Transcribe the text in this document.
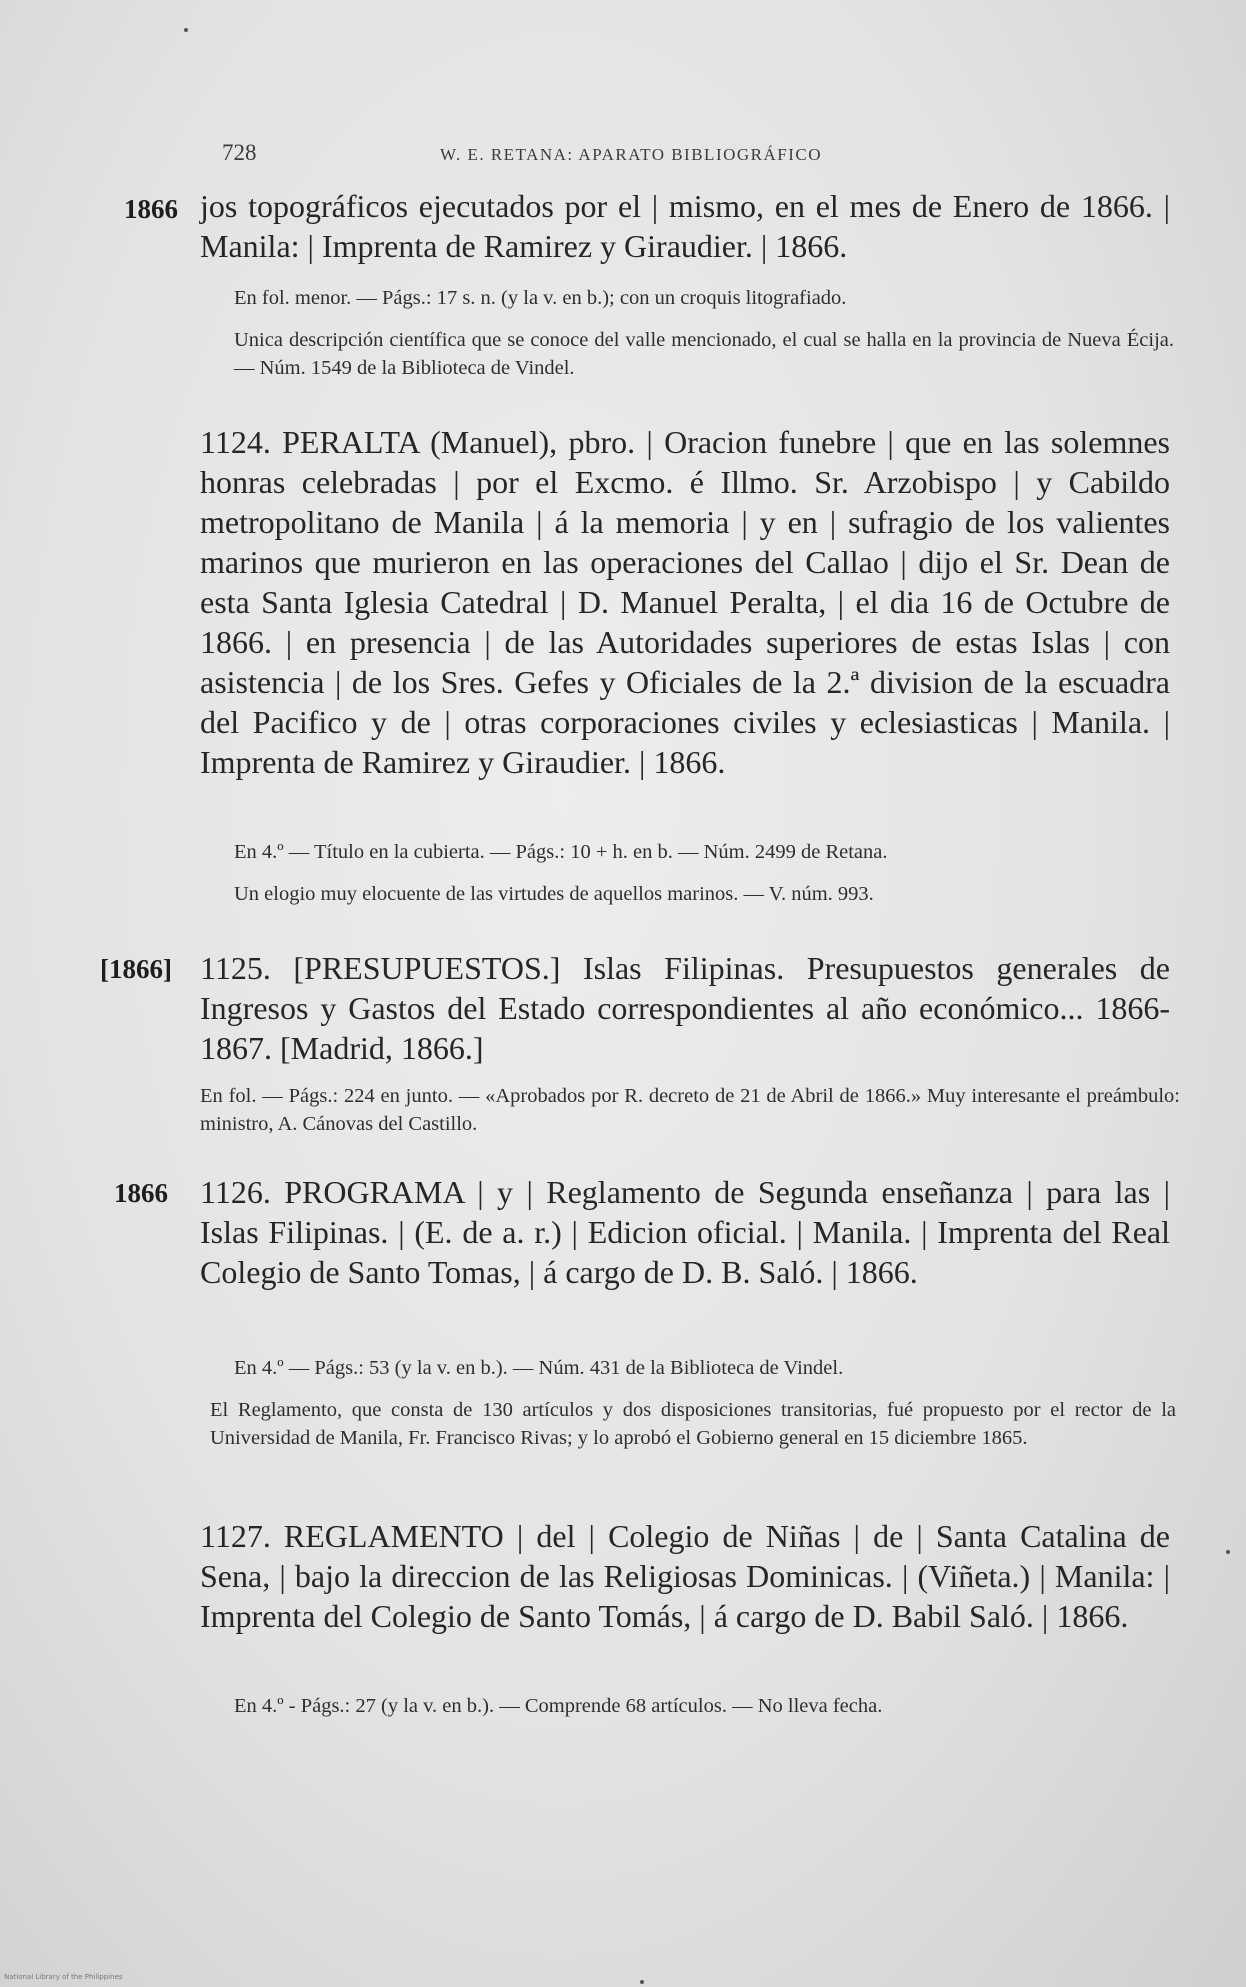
728	W. E. RETANA: APARATO BIBLIOGRÁFICO
1866 jos topográficos ejecutados por el | mismo, en el mes de Enero de 1866. | Manila: | Imprenta de Ramirez y Giraudier. | 1866.
En fol. menor. — Págs.: 17 s. n. (y la v. en b.); con un croquis litografiado.
Unica descripción científica que se conoce del valle mencionado, el cual se halla en la provincia de Nueva Écija. — Núm. 1549 de la Biblioteca de Vindel.
1124. PERALTA (Manuel), pbro. | Oracion funebre | que en las solemnes honras celebradas | por el Excmo. é Illmo. Sr. Arzobispo | y Cabildo metropolitano de Manila | á la memoria | y en | sufragio de los valientes marinos que murieron en las operaciones del Callao | dijo el Sr. Dean de esta Santa Iglesia Catedral | D. Manuel Peralta, | el dia 16 de Octubre de 1866. | en presencia | de las Autoridades superiores de estas Islas | con asistencia | de los Sres. Gefes y Oficiales de la 2.ª division de la escuadra del Pacifico y de | otras corporaciones civiles y eclesiasticas | Manila. | Imprenta de Ramirez y Giraudier. | 1866.
En 4.º — Título en la cubierta. — Págs.: 10 + h. en b. — Núm. 2499 de Retana.
Un elogio muy elocuente de las virtudes de aquellos marinos. — V. núm. 993.
[1866] 1125. [PRESUPUESTOS.] Islas Filipinas. Presupuestos generales de Ingresos y Gastos del Estado correspondientes al año económico... 1866-1867. [Madrid, 1866.]
En fol. — Págs.: 224 en junto. — «Aprobados por R. decreto de 21 de Abril de 1866.» Muy interesante el preámbulo: ministro, A. Cánovas del Castillo.
1866 1126. PROGRAMA | y | Reglamento de Segunda enseñanza | para las | Islas Filipinas. | (E. de a. r.) | Edicion oficial. | Manila. | Imprenta del Real Colegio de Santo Tomas, | á cargo de D. B. Saló. | 1866.
En 4.º — Págs.: 53 (y la v. en b.). — Núm. 431 de la Biblioteca de Vindel.
El Reglamento, que consta de 130 artículos y dos disposiciones transitorias, fué propuesto por el rector de la Universidad de Manila, Fr. Francisco Rivas; y lo aprobó el Gobierno general en 15 diciembre 1865.
1127. REGLAMENTO | del | Colegio de Niñas | de | Santa Catalina de Sena, | bajo la direccion de las Religiosas Dominicas. | (Viñeta.) | Manila: | Imprenta del Colegio de Santo Tomás, | á cargo de D. Babil Saló. | 1866.
En 4.º - Págs.: 27 (y la v. en b.). — Comprende 68 artículos. — No lleva fecha.
National Library of the Philippines
